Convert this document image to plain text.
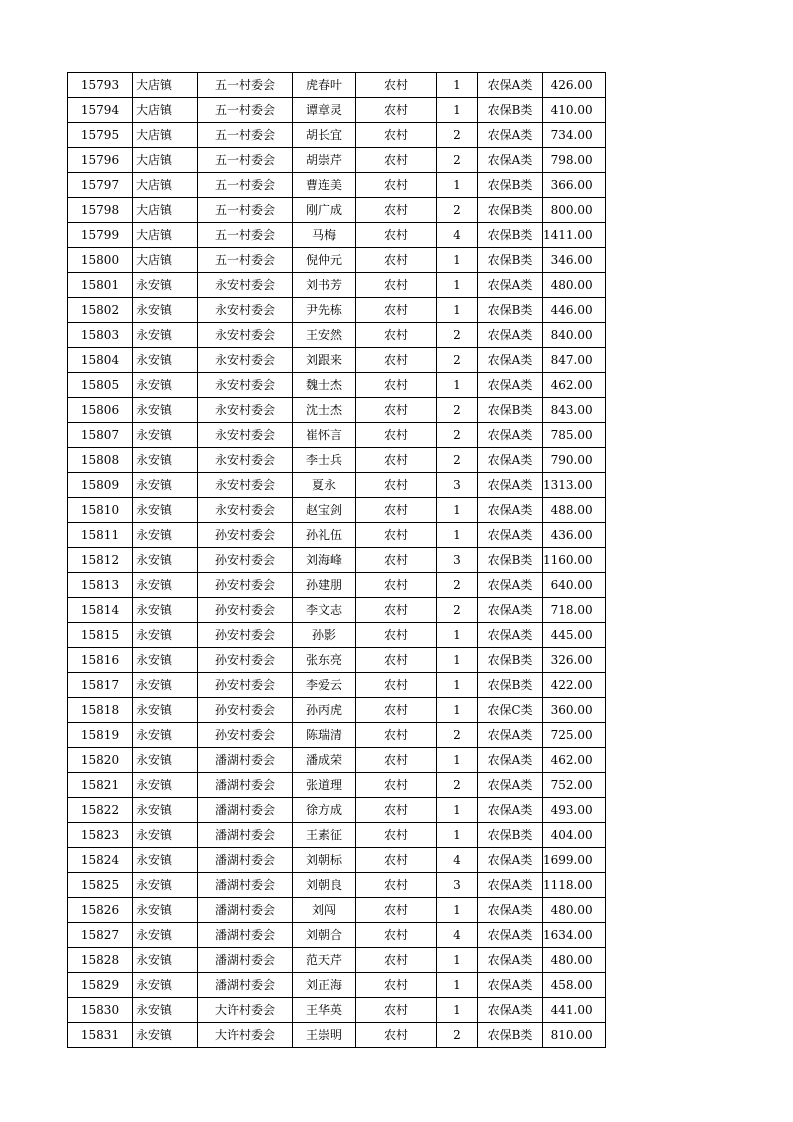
15793	大店镇	五一村委会	虎春叶	农村	1	农保A类	426.00
15794	大店镇	五一村委会	谭章灵	农村	1	农保B类	410.00
15795	大店镇	五一村委会	胡长宜	农村	2	农保A类	734.00
15796	大店镇	五一村委会	胡崇芹	农村	2	农保A类	798.00
15797	大店镇	五一村委会	曹连美	农村	1	农保B类	366.00
15798	大店镇	五一村委会	刚广成	农村	2	农保B类	800.00
15799	大店镇	五一村委会	马梅	农村	4	农保B类	1411.00
15800	大店镇	五一村委会	倪仲元	农村	1	农保B类	346.00
15801	永安镇	永安村委会	刘书芳	农村	1	农保A类	480.00
15802	永安镇	永安村委会	尹先栋	农村	1	农保B类	446.00
15803	永安镇	永安村委会	王安然	农村	2	农保A类	840.00
15804	永安镇	永安村委会	刘跟来	农村	2	农保A类	847.00
15805	永安镇	永安村委会	魏士杰	农村	1	农保A类	462.00
15806	永安镇	永安村委会	沈士杰	农村	2	农保B类	843.00
15807	永安镇	永安村委会	崔怀言	农村	2	农保A类	785.00
15808	永安镇	永安村委会	李士兵	农村	2	农保A类	790.00
15809	永安镇	永安村委会	夏永	农村	3	农保A类	1313.00
15810	永安镇	永安村委会	赵宝剑	农村	1	农保A类	488.00
15811	永安镇	孙安村委会	孙礼伍	农村	1	农保A类	436.00
15812	永安镇	孙安村委会	刘海峰	农村	3	农保B类	1160.00
15813	永安镇	孙安村委会	孙建朋	农村	2	农保A类	640.00
15814	永安镇	孙安村委会	李文志	农村	2	农保A类	718.00
15815	永安镇	孙安村委会	孙影	农村	1	农保A类	445.00
15816	永安镇	孙安村委会	张东亮	农村	1	农保B类	326.00
15817	永安镇	孙安村委会	李爱云	农村	1	农保B类	422.00
15818	永安镇	孙安村委会	孙丙虎	农村	1	农保C类	360.00
15819	永安镇	孙安村委会	陈瑞清	农村	2	农保A类	725.00
15820	永安镇	潘湖村委会	潘成荣	农村	1	农保A类	462.00
15821	永安镇	潘湖村委会	张道理	农村	2	农保A类	752.00
15822	永安镇	潘湖村委会	徐方成	农村	1	农保A类	493.00
15823	永安镇	潘湖村委会	王素征	农村	1	农保B类	404.00
15824	永安镇	潘湖村委会	刘朝标	农村	4	农保A类	1699.00
15825	永安镇	潘湖村委会	刘朝良	农村	3	农保A类	1118.00
15826	永安镇	潘湖村委会	刘闯	农村	1	农保A类	480.00
15827	永安镇	潘湖村委会	刘朝合	农村	4	农保A类	1634.00
15828	永安镇	潘湖村委会	范天芹	农村	1	农保A类	480.00
15829	永安镇	潘湖村委会	刘正海	农村	1	农保A类	458.00
15830	永安镇	大许村委会	王华英	农村	1	农保A类	441.00
15831	永安镇	大许村委会	王崇明	农村	2	农保B类	810.00
